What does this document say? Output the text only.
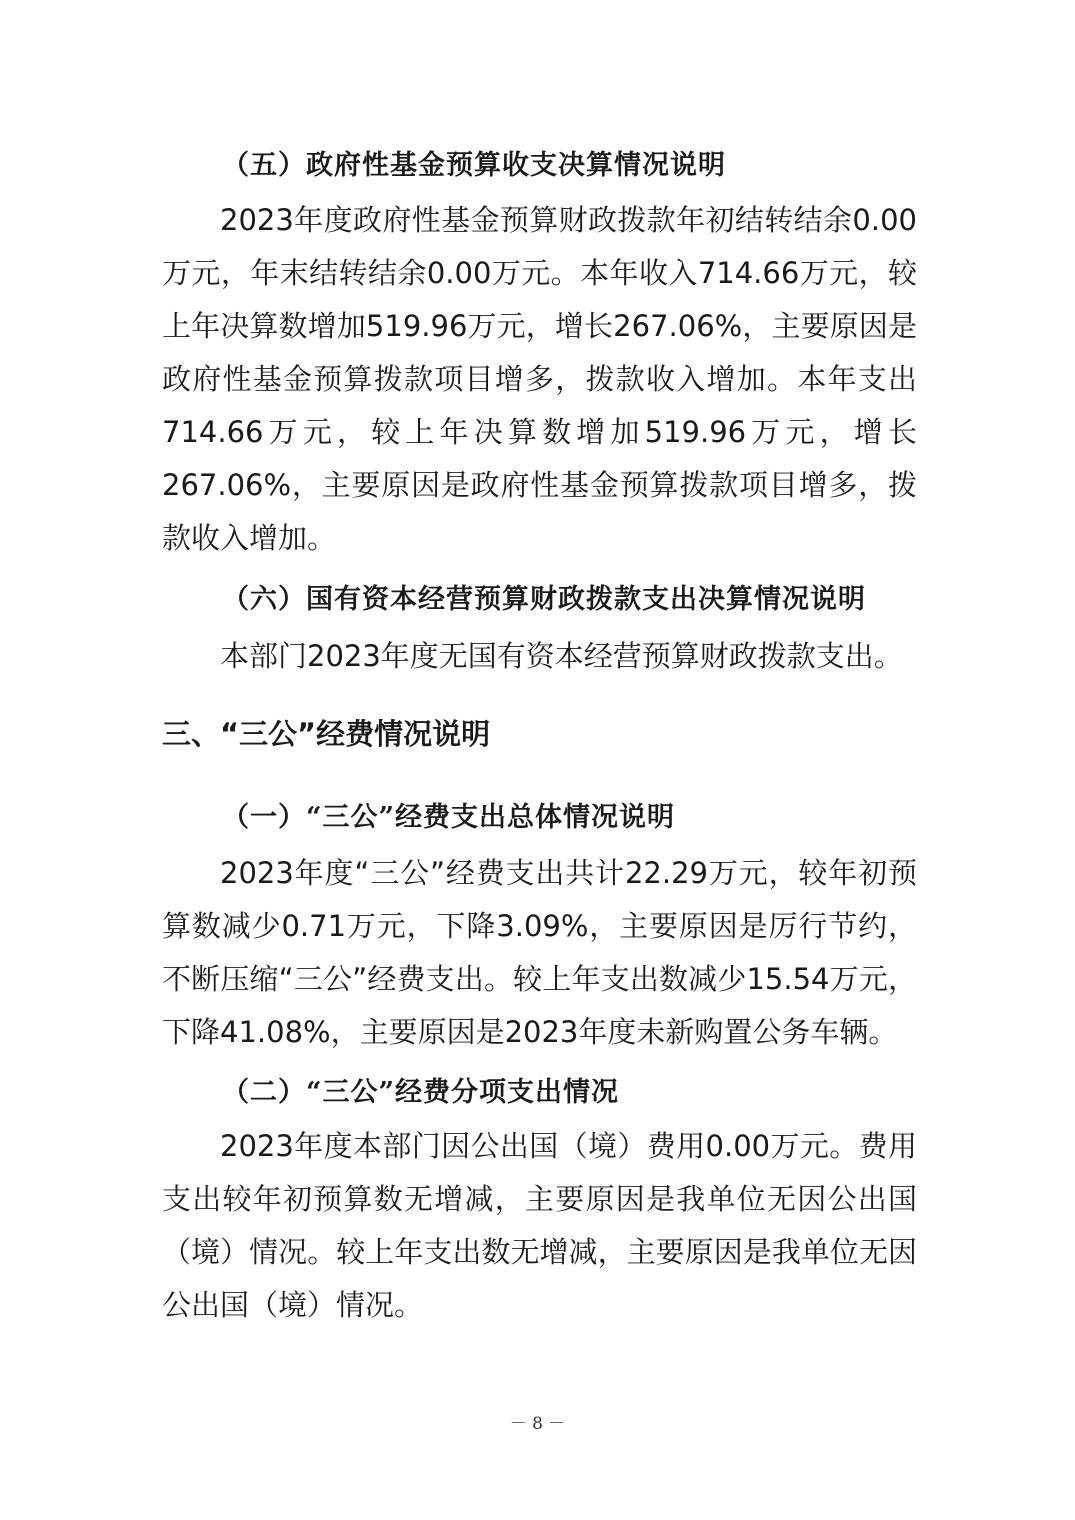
（五）政府性基金预算收支决算情况说明

2023年度政府性基金预算财政拨款年初结转结余0.00万元，年末结转结余0.00万元。本年收入714.66万元，较上年决算数增加519.96万元，增长267.06%，主要原因是政府性基金预算拨款项目增多，拨款收入增加。本年支出714.66万元，较上年决算数增加519.96万元，增长267.06%，主要原因是政府性基金预算拨款项目增多，拨款收入增加。

（六）国有资本经营预算财政拨款支出决算情况说明

本部门2023年度无国有资本经营预算财政拨款支出。

三、“三公”经费情况说明
（一）“三公”经费支出总体情况说明

2023年度“三公”经费支出共计22.29万元，较年初预算数减少0.71万元，下降3.09%，主要原因是厉行节约，不断压缩“三公”经费支出。较上年支出数减少15.54万元，下降41.08%，主要原因是2023年度未新购置公务车辆。

（二）“三公”经费分项支出情况

2023年度本部门因公出国（境）费用0.00万元。费用支出较年初预算数无增减，主要原因是我单位无因公出国（境）情况。较上年支出数无增减，主要原因是我单位无因公出国（境）情况。

－ 8 －
